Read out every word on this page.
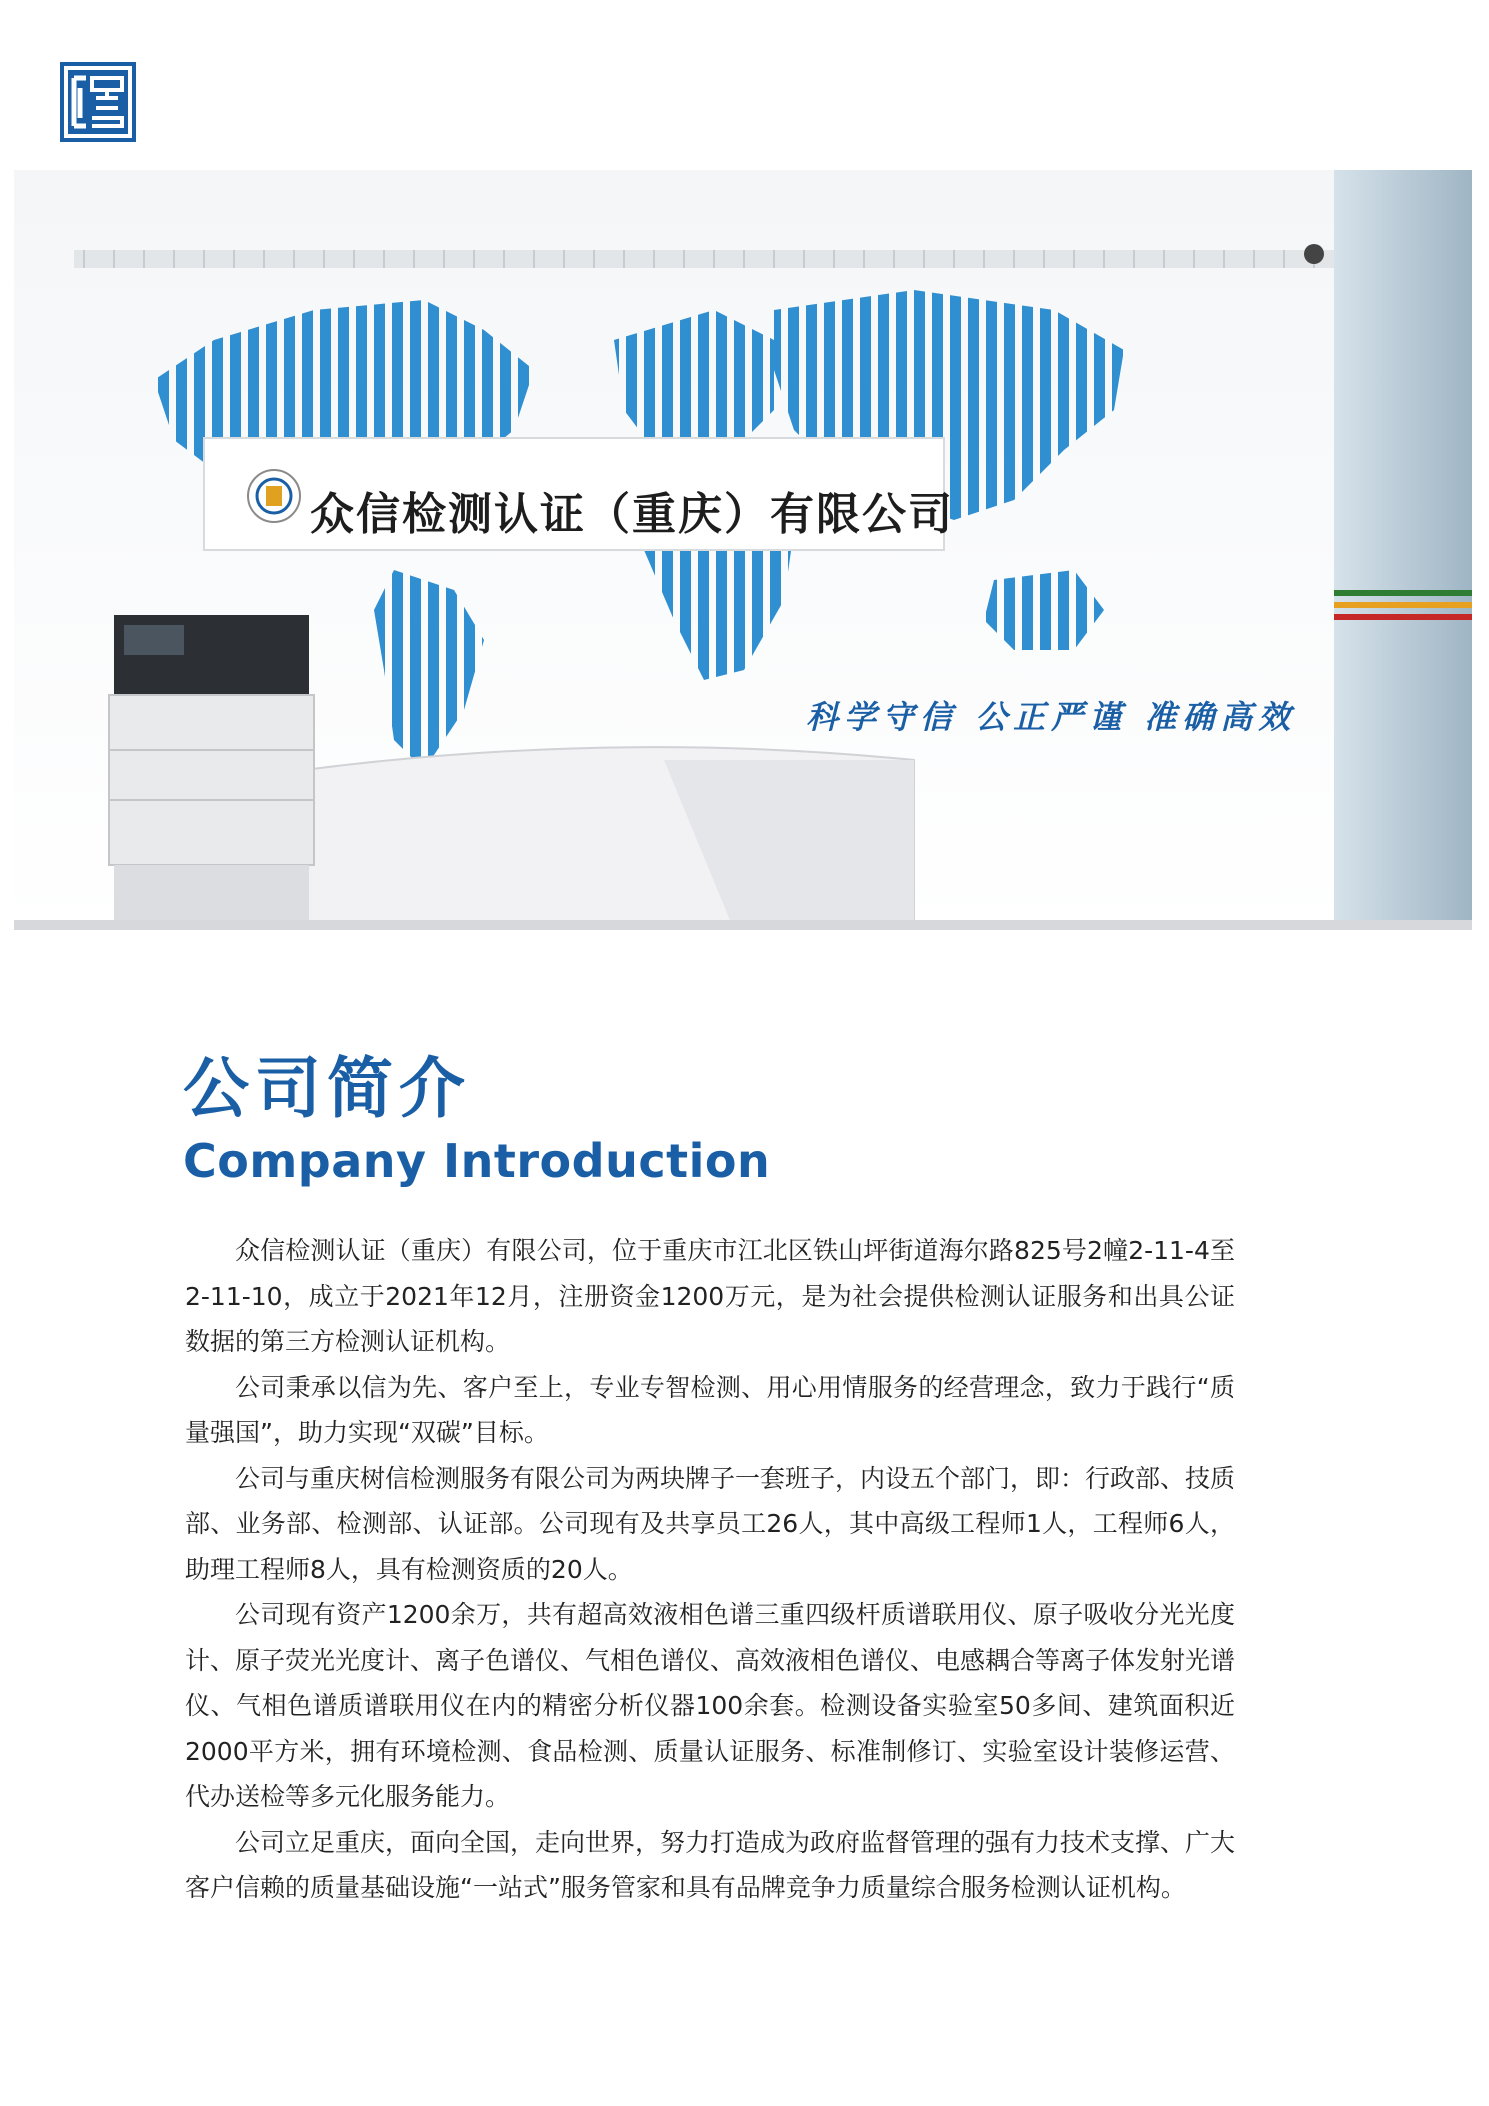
众信检测认证（重庆）有限公司
科学守信 公正严谨 准确高效
公司简介
Company Introduction

众信检测认证（重庆）有限公司，位于重庆市江北区铁山坪街道海尔路825号2幢2-11-4至2-11-10，成立于2021年12月，注册资金1200万元，是为社会提供检测认证服务和出具公证数据的第三方检测认证机构。

公司秉承以信为先、客户至上，专业专智检测、用心用情服务的经营理念，致力于践行“质量强国”，助力实现“双碳”目标。

公司与重庆树信检测服务有限公司为两块牌子一套班子，内设五个部门，即：行政部、技质部、业务部、检测部、认证部。公司现有及共享员工26人，其中高级工程师1人，工程师6人，助理工程师8人，具有检测资质的20人。

公司现有资产1200余万，共有超高效液相色谱三重四级杆质谱联用仪、原子吸收分光光度计、原子荧光光度计、离子色谱仪、气相色谱仪、高效液相色谱仪、电感耦合等离子体发射光谱仪、气相色谱质谱联用仪在内的精密分析仪器100余套。检测设备实验室50多间、建筑面积近2000平方米，拥有环境检测、食品检测、质量认证服务、标准制修订、实验室设计装修运营、代办送检等多元化服务能力。

公司立足重庆，面向全国，走向世界，努力打造成为政府监督管理的强有力技术支撑、广大客户信赖的质量基础设施“一站式”服务管家和具有品牌竞争力质量综合服务检测认证机构。
